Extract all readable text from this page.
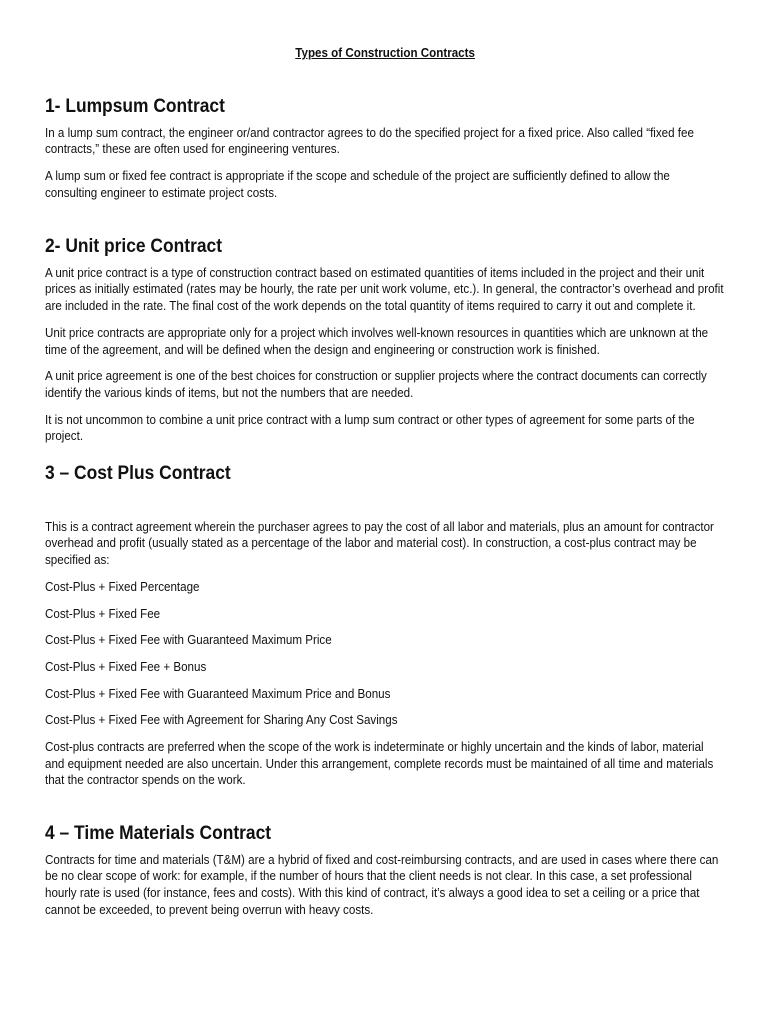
Types of Construction Contracts
1- Lumpsum Contract

In a lump sum contract, the engineer or/and contractor agrees to do the specified project for a fixed price. Also called “fixed fee contracts,” these are often used for engineering ventures.

A lump sum or fixed fee contract is appropriate if the scope and schedule of the project are sufficiently defined to allow the consulting engineer to estimate project costs.

2- Unit price Contract

A unit price contract is a type of construction contract based on estimated quantities of items included in the project and their unit prices as initially estimated (rates may be hourly, the rate per unit work volume, etc.). In general, the contractor’s overhead and profit are included in the rate. The final cost of the work depends on the total quantity of items required to carry it out and complete it.

Unit price contracts are appropriate only for a project which involves well-known resources in quantities which are unknown at the time of the agreement, and will be defined when the design and engineering or construction work is finished.

A unit price agreement is one of the best choices for construction or supplier projects where the contract documents can correctly identify the various kinds of items, but not the numbers that are needed.

It is not uncommon to combine a unit price contract with a lump sum contract or other types of agreement for some parts of the project.

3 – Cost Plus Contract

This is a contract agreement wherein the purchaser agrees to pay the cost of all labor and materials, plus an amount for contractor overhead and profit (usually stated as a percentage of the labor and material cost). In construction, a cost-plus contract may be specified as:

Cost-Plus + Fixed Percentage

Cost-Plus + Fixed Fee

Cost-Plus + Fixed Fee with Guaranteed Maximum Price

Cost-Plus + Fixed Fee + Bonus

Cost-Plus + Fixed Fee with Guaranteed Maximum Price and Bonus

Cost-Plus + Fixed Fee with Agreement for Sharing Any Cost Savings

Cost-plus contracts are preferred when the scope of the work is indeterminate or highly uncertain and the kinds of labor, material and equipment needed are also uncertain. Under this arrangement, complete records must be maintained of all time and materials that the contractor spends on the work.

4 – Time Materials Contract

Contracts for time and materials (T&M) are a hybrid of fixed and cost-reimbursing contracts, and are used in cases where there can be no clear scope of work: for example, if the number of hours that the client needs is not clear. In this case, a set professional hourly rate is used (for instance, fees and costs). With this kind of contract, it’s always a good idea to set a ceiling or a price that cannot be exceeded, to prevent being overrun with heavy costs.
